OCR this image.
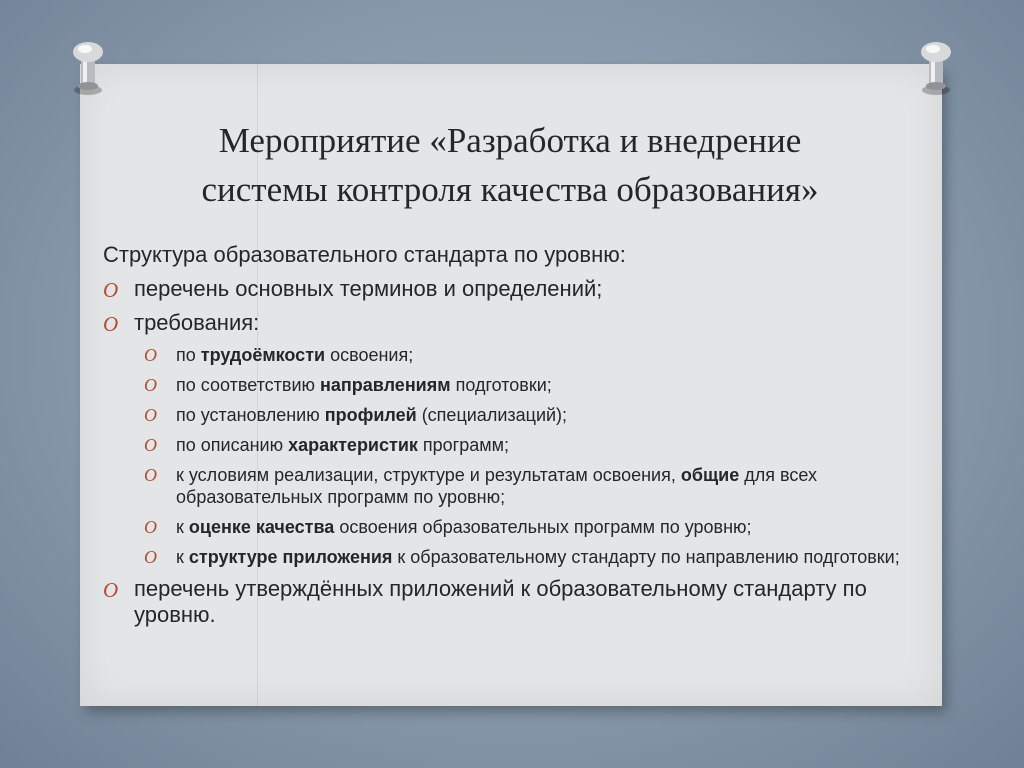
Мероприятие «Разработка и внедрение
системы контроля качества образования»
Структура образовательного стандарта по уровню:
O перечень основных терминов и определений;
O требования:
O по трудоёмкости освоения;
O по соответствию направлениям подготовки;
O по установлению профилей (специализаций);
O по описанию характеристик программ;
O к условиям реализации, структуре и результатам освоения, общие для всех образовательных программ по уровню;
O к оценке качества освоения образовательных программ по уровню;
O к структуре приложения к образовательному стандарту по направлению подготовки;
O перечень утверждённых приложений к образовательному стандарту по уровню.
